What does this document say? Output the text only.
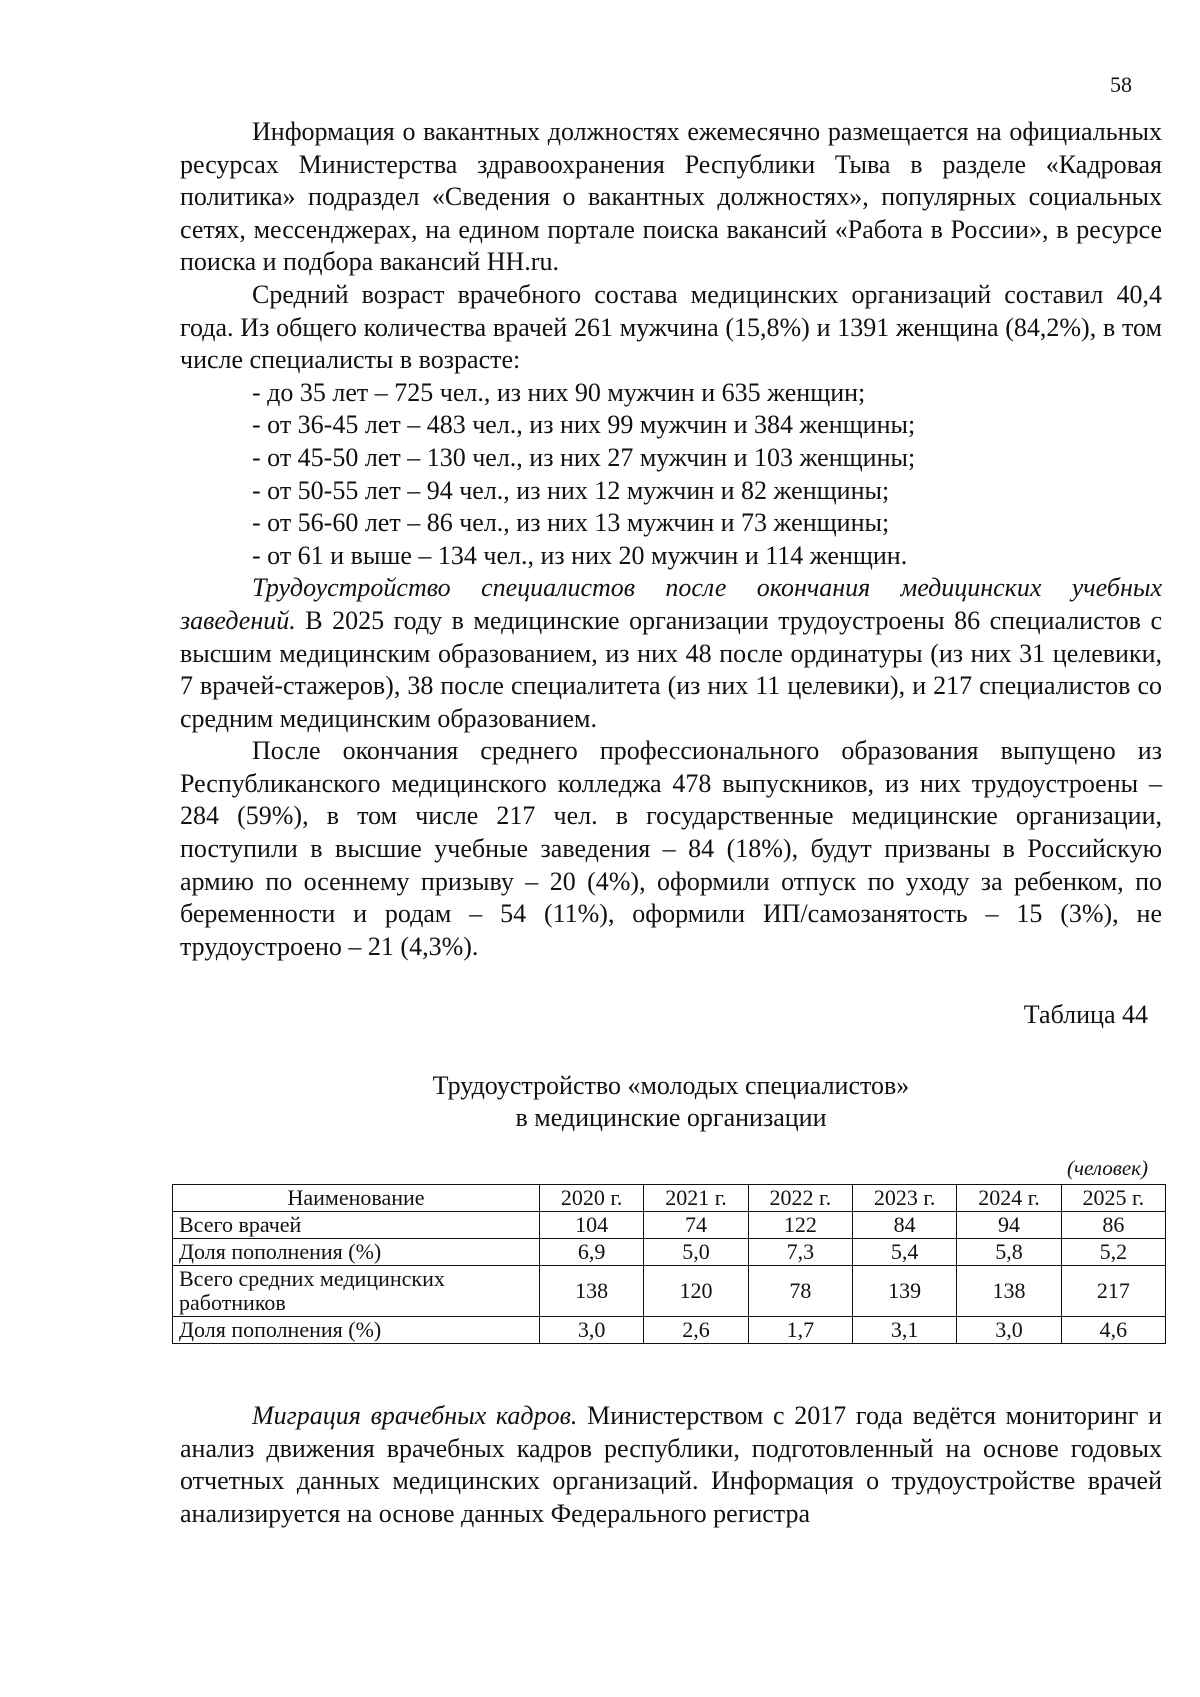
58

Информация о вакантных должностях ежемесячно размещается на официальных ресурсах Министерства здравоохранения Республики Тыва в разделе «Кадровая политика» подраздел «Сведения о вакантных должностях», популярных социальных сетях, мессенджерах, на едином портале поиска вакансий «Работа в России», в ресурсе поиска и подбора вакансий HH.ru.

Средний возраст врачебного состава медицинских организаций составил 40,4 года. Из общего количества врачей 261 мужчина (15,8%) и 1391 женщина (84,2%), в том числе специалисты в возрасте:

- до 35 лет – 725 чел., из них 90 мужчин и 635 женщин;
- от 36-45 лет – 483 чел., из них 99 мужчин и 384 женщины;
- от 45-50 лет – 130 чел., из них 27 мужчин и 103 женщины;
- от 50-55 лет – 94 чел., из них 12 мужчин и 82 женщины;
- от 56-60 лет – 86 чел., из них 13 мужчин и 73 женщины;
- от 61 и выше – 134 чел., из них 20 мужчин и 114 женщин.

Трудоустройство специалистов после окончания медицинских учебных заведений. В 2025 году в медицинские организации трудоустроены 86 специалистов с высшим медицинским образованием, из них 48 после ординатуры (из них 31 целевики, 7 врачей-стажеров), 38 после специалитета (из них 11 целевики), и 217 специалистов со средним медицинским образованием.

После окончания среднего профессионального образования выпущено из Республиканского медицинского колледжа 478 выпускников, из них трудоустроены – 284 (59%), в том числе 217 чел. в государственные медицинские организации, поступили в высшие учебные заведения – 84 (18%), будут призваны в Российскую армию по осеннему призыву – 20 (4%), оформили отпуск по уходу за ребенком, по беременности и родам – 54 (11%), оформили ИП/самозанятость – 15 (3%), не трудоустроено – 21 (4,3%).

Таблица 44
Трудоустройство «молодых специалистов»
в медицинские организации
(человек)
Наименование	2020 г.	2021 г.	2022 г.	2023 г.	2024 г.	2025 г.
Всего врачей	104	74	122	84	94	86
Доля пополнения (%)	6,9	5,0	7,3	5,4	5,8	5,2
Всего средних медицинских работников	138	120	78	139	138	217
Доля пополнения (%)	3,0	2,6	1,7	3,1	3,0	4,6

Миграция врачебных кадров. Министерством с 2017 года ведётся мониторинг и анализ движения врачебных кадров республики, подготовленный на основе годовых отчетных данных медицинских организаций. Информация о трудоустройстве врачей анализируется на основе данных Федерального регистра
